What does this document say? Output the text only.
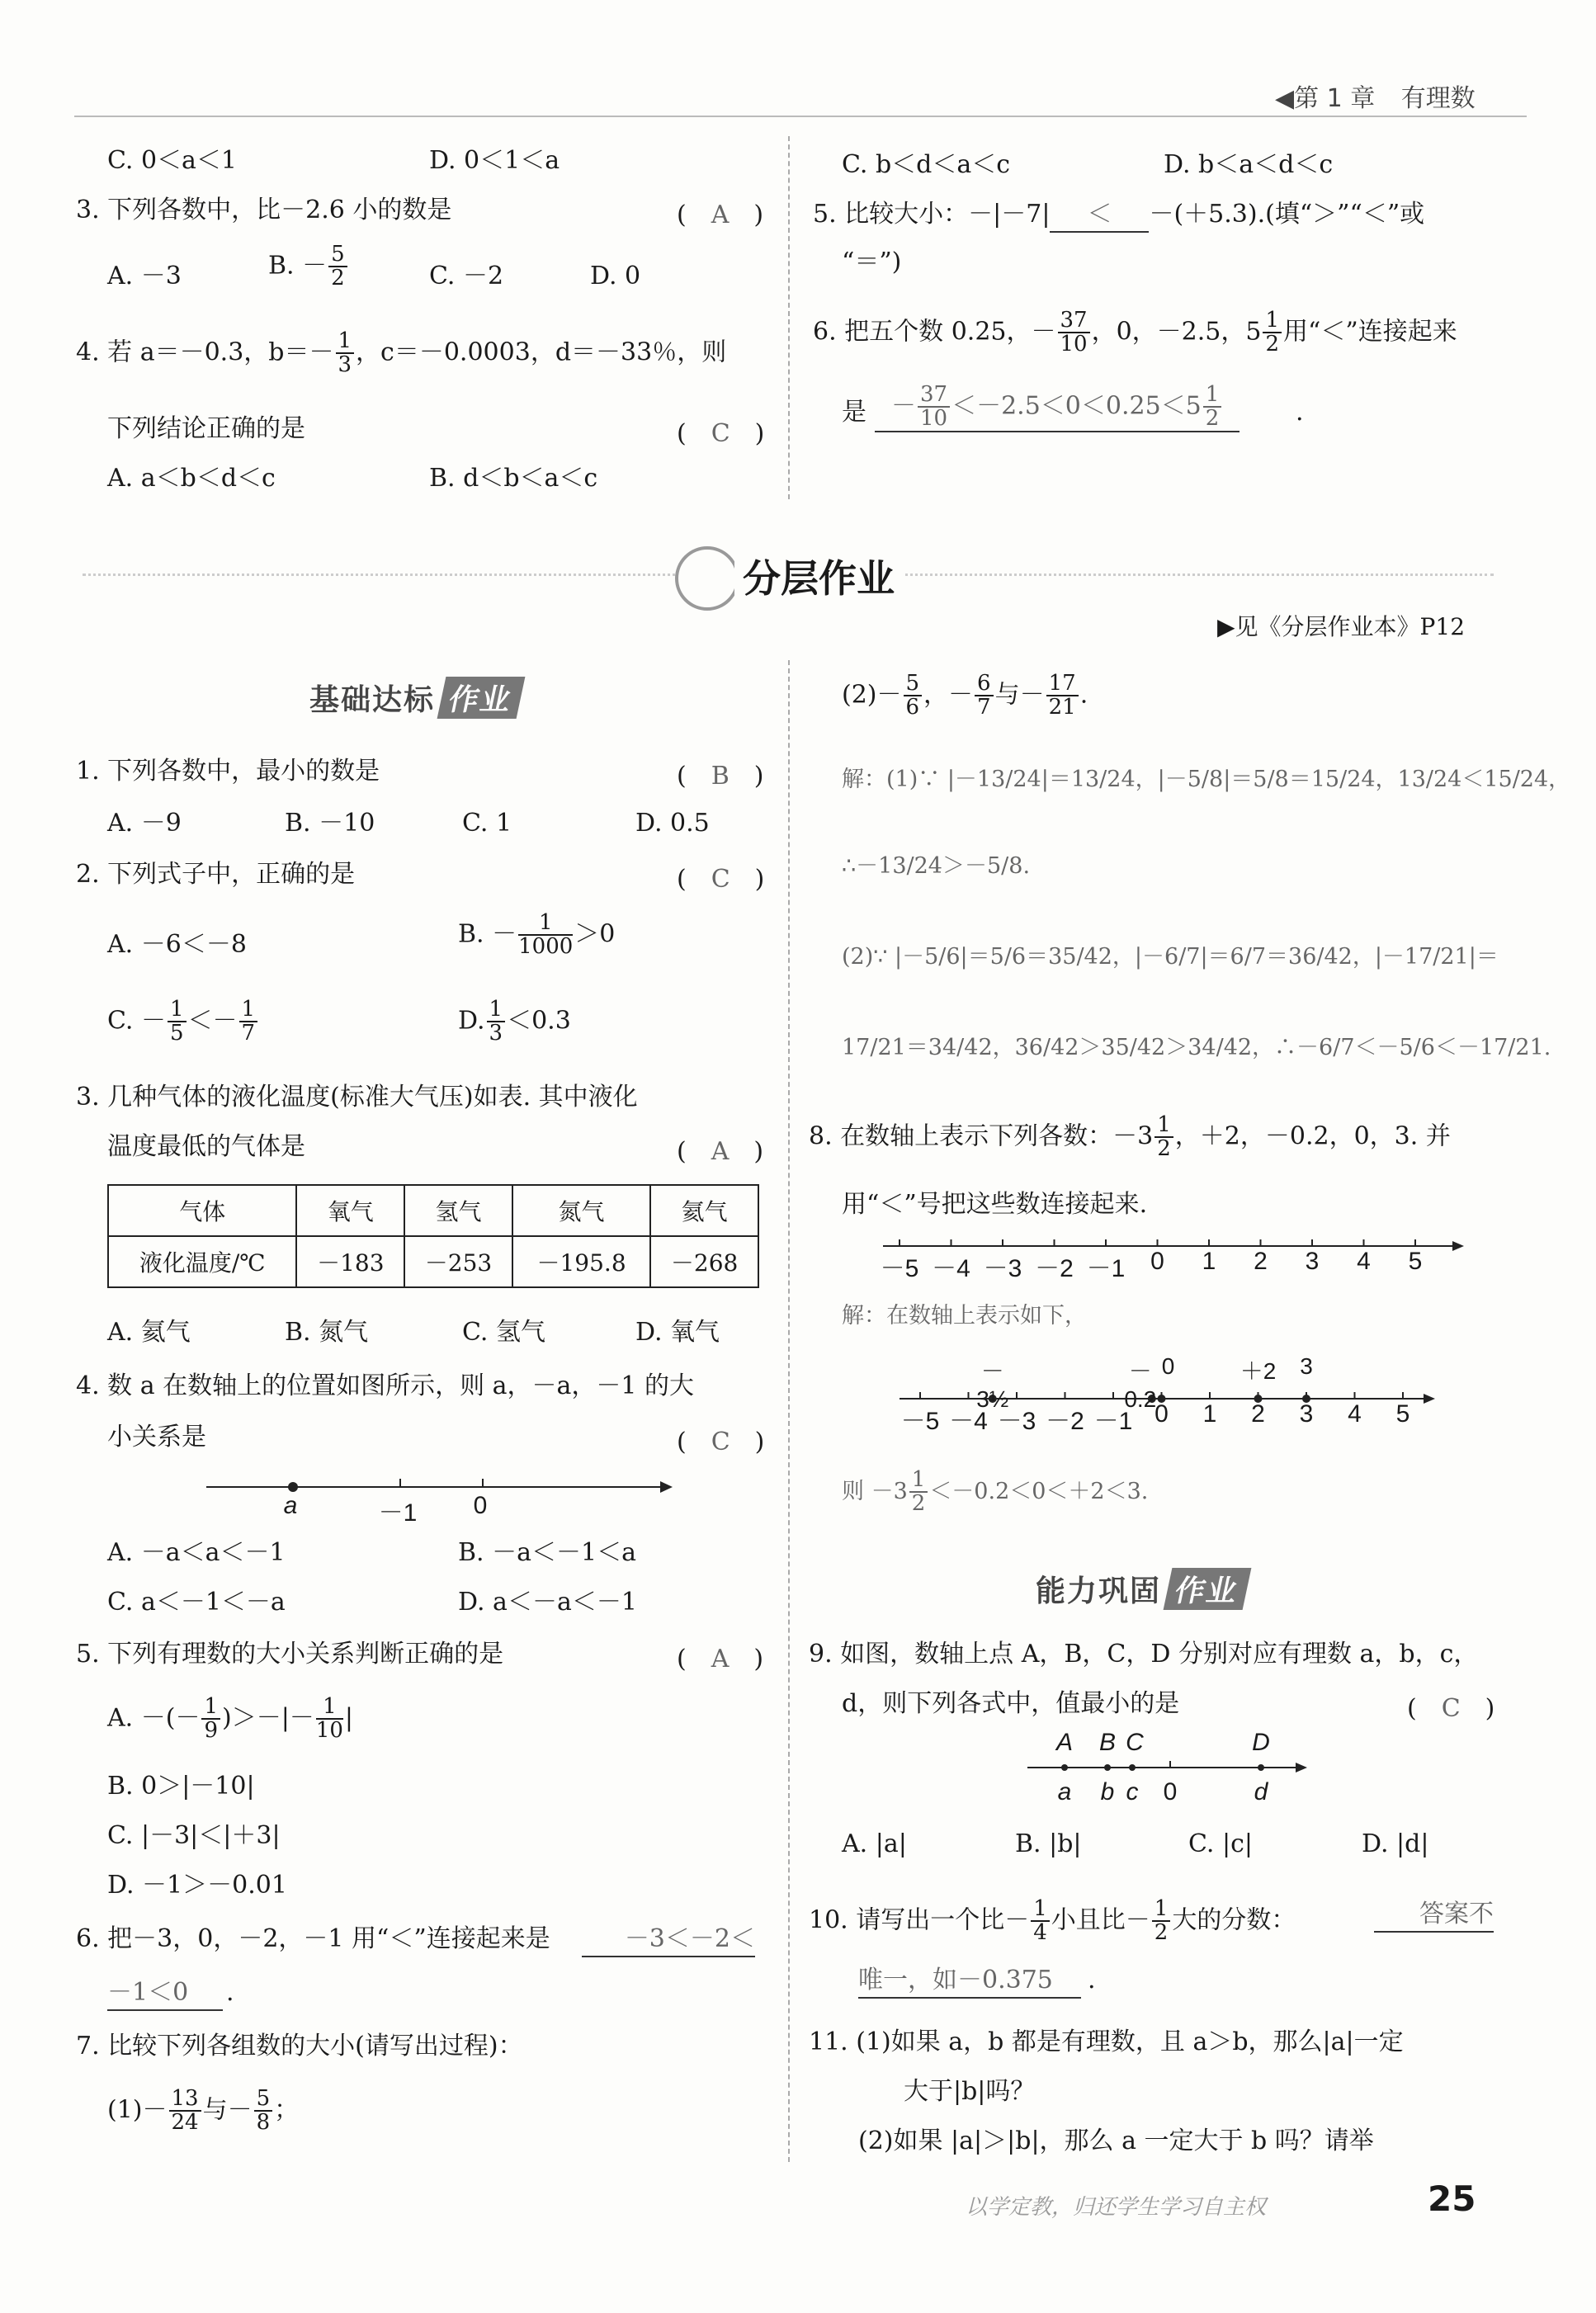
◀第 1 章 有理数
C. 0＜a＜1	D. 0＜1＜a
3. 下列各数中，比－2.6 小的数是	(　A　)
A. －3	B. － $\frac{5}{2}$	C. －2	D. 0
4. 若 a＝－0.3，$b=- \frac{1}{3}$ ，c＝－0.0003，d＝－33％，则
下列结论正确的是	(　C　)
A. a＜b＜d＜c	B. d＜b＜a＜c
C. b＜d＜a＜c	D. b＜a＜d＜c
5. 比较大小：－|－7| ＜ －(＋5.3).(填“＞”“＜”或
“＝”)
6. 把五个数 0.25，－ $\frac{37}{10}$ ，0，－2.5，$5 \frac{1}{2}$ 用“＜”连接起来
是	－ $\frac{37}{10} <-2.5<0<0.25<5 \frac{1}{2}$	.
分层作业
▶见《分层作业本》P12
基础达标 作业
能力巩固 作业
1. 下列各数中，最小的数是	(　B　)
A. －9	B. －10	C. 1	D. 0.5
2. 下列式子中，正确的是	(　C　)
A. －6＜－8	B. － $\frac{1}{1000} >0$
C. － $\frac{1}{5} <- \frac{1}{7}$	D. $\frac{1}{3} <0.3$
3. 几种气体的液化温度(标准大气压)如表. 其中液化
温度最低的气体是	(　A　)
气体	氧气	氢气	氮气	氦气
液化温度/℃	－183	－253	－195.8	－268
A. 氦气	B. 氮气	C. 氢气	D. 氧气
4. 数 a 在数轴上的位置如图所示，则 a，－a，－1 的大
小关系是	(　C　)
a	－1	0
A. －a＜a＜－1	B. －a＜－1＜a
C. a＜－1＜－a	D. a＜－a＜－1
5. 下列有理数的大小关系判断正确的是	(　A　)
A. －(－ $\frac{1}{9}$ )＞－|－ $\frac{1}{10}$ |
B. 0＞|－10|
C. |－3|＜|＋3|
D. －1＞－0.01
6. 把－3，0，－2，－1 用“＜”连接起来是	－3＜－2＜
－1＜0	.
7. 比较下列各组数的大小(请写出过程)：
$(1)- \frac{13}{24}$ 与－ $\frac{5}{8}$ ；
$(2)- \frac{5}{6}$ ，－ $\frac{6}{7}$ 与－ $\frac{17}{21}$ .
解：(1)∵ |－13/24|＝13/24，|－5/8|＝5/8＝15/24，13/24＜15/24，
∴－13/24＞－5/8.
(2)∵ |－5/6|＝5/6＝35/42，|－6/7|＝6/7＝36/42，|－17/21|＝
17/21＝34/42，36/42＞35/42＞34/42，∴－6/7＜－5/6＜－17/21.
8. 在数轴上表示下列各数：$-3 \frac{1}{2}$ ，＋2，－0.2，0，3. 并
用“＜”号把这些数连接起来.
－5 －4 －3 －2 －1	0	1	2	3	4	5
解：在数轴上表示如下，
－5 －4 －3 －2 －1 0	1	2	3	4	5
－3½
－0.2
0	＋2	3
则 $-3 \frac{1}{2} <-0.2<0<+2<3$.
9. 如图，数轴上点 A，B，C，D 分别对应有理数 a，b，c，
d，则下列各式中，值最小的是	(　C　)
A	B C	D
a	b c	0	d
A. |a|	B. |b|	C. |c|	D. |d|
10. 请写出一个比－ $\frac{1}{4}$ 小且比－ $\frac{1}{2}$ 大的分数：	答案不
唯一，如－0.375	.
11. (1)如果 a，b 都是有理数，且 a＞b，那么|a|一定
大于|b|吗？
(2)如果 |a|＞|b|，那么 a 一定大于 b 吗？请举
以学定教，归还学生学习自主权	25
